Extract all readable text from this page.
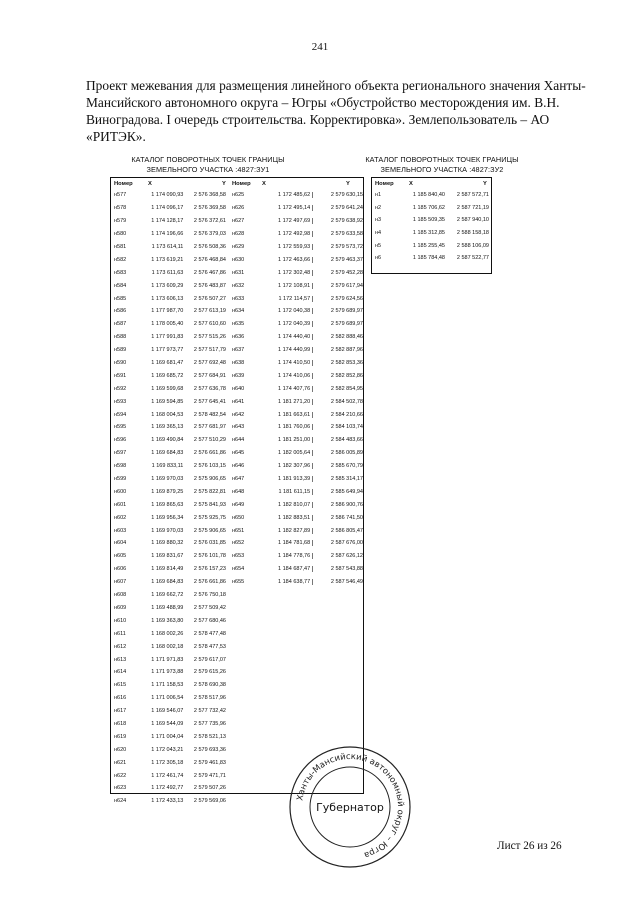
241
Проект межевания для размещения линейного объекта регионального значения Ханты-Мансийского автономного округа – Югры «Обустройство месторождения им. В.Н. Виноградова. I очередь строительства. Корректировка». Землепользователь – АО «РИТЭК».
КАТАЛОГ ПОВОРОТНЫХ ТОЧЕК ГРАНИЦЫ
ЗЕМЕЛЬНОГО УЧАСТКА :4827:ЗУ1
КАТАЛОГ ПОВОРОТНЫХ ТОЧЕК ГРАНИЦЫ
ЗЕМЕЛЬНОГО УЧАСТКА :4827:ЗУ2
Номер	X	Y
н577	1 174 090,93	2 576 368,58
н578	1 174 096,17	2 576 369,58
н579	1 174 128,17	2 576 372,61
н580	1 174 196,66	2 576 379,03
н581	1 173 614,11	2 576 508,36
н582	1 173 619,21	2 576 468,84
н583	1 173 611,63	2 576 467,86
н584	1 173 609,29	2 576 483,87
н585	1 173 606,13	2 576 507,27
н586	1 177 987,70	2 577 613,19
н587	1 178 005,40	2 577 610,60
н588	1 177 991,83	2 577 515,26
н589	1 177 973,77	2 577 517,79
н590	1 169 681,47	2 577 692,48
н591	1 169 685,72	2 577 684,91
н592	1 169 599,68	2 577 636,78
н593	1 169 594,85	2 577 645,41
н594	1 168 004,53	2 578 482,54
н595	1 169 365,13	2 577 681,97
н596	1 169 490,84	2 577 510,29
н597	1 169 684,83	2 576 661,86
н598	1 169 833,11	2 576 103,15
н599	1 169 970,03	2 575 906,65
н600	1 169 879,25	2 575 822,81
н601	1 169 865,63	2 575 841,93
н602	1 169 956,34	2 575 925,75
н603	1 169 970,03	2 575 906,65
н604	1 169 880,32	2 576 031,85
н605	1 169 831,67	2 576 101,78
н606	1 169 814,49	2 576 157,23
н607	1 169 684,83	2 576 661,86
н608	1 169 662,72	2 576 750,18
н609	1 169 488,99	2 577 509,42
н610	1 169 363,80	2 577 680,46
н611	1 168 002,26	2 578 477,48
н612	1 168 002,18	2 578 477,53
н613	1 171 971,83	2 579 617,07
н614	1 171 973,88	2 579 615,26
н615	1 171 158,53	2 578 690,38
н616	1 171 006,54	2 578 517,96
н617	1 169 546,07	2 577 732,42
н618	1 169 544,09	2 577 735,96
н619	1 171 004,04	2 578 521,13
н620	1 172 043,21	2 579 693,36
н621	1 172 305,18	2 579 461,83
н622	1 172 461,74	2 579 471,71
н623	1 172 492,77	2 579 507,26
н624	1 172 433,13	2 579 569,06
Номер	X	Y
н625	1 172 485,62	2 579 630,15
н626	1 172 495,14	2 579 641,24
н627	1 172 497,69	2 579 638,92
н628	1 172 492,98	2 579 633,58
н629	1 172 559,93	2 579 573,72
н630	1 172 463,66	2 579 463,37
н631	1 172 302,48	2 579 452,28
н632	1 172 108,91	2 579 617,94
н633	1 172 114,57	2 579 624,56
н634	1 172 040,38	2 579 689,97
н635	1 172 040,39	2 579 689,97
н636	1 174 440,40	2 582 888,46
н637	1 174 440,99	2 582 887,96
н638	1 174 410,50	2 582 853,36
н639	1 174 410,06	2 582 852,86
н640	1 174 407,76	2 582 854,95
н641	1 181 271,20	2 584 502,78
н642	1 181 663,61	2 584 210,66
н643	1 181 760,06	2 584 103,74
н644	1 181 251,00	2 584 483,66
н645	1 182 005,64	2 586 005,89
н646	1 182 307,96	2 585 670,79
н647	1 181 913,39	2 585 314,17
н648	1 181 611,15	2 585 649,94
н649	1 182 810,07	2 586 900,76
н650	1 182 883,51	2 586 741,50
н651	1 182 827,89	2 586 805,47
н652	1 184 781,68	2 587 676,00
н653	1 184 778,76	2 587 626,12
н654	1 184 687,47	2 587 543,88
н655	1 184 638,77	2 587 546,49
Номер	X	Y
н1	1 185 840,40	2 587 572,71
н2	1 185 706,62	2 587 721,19
н3	1 185 509,35	2 587 940,10
н4	1 185 312,85	2 588 158,18
н5	1 185 255,45	2 588 106,09
н6	1 185 784,48	2 587 522,77
Ханты-Мансийский автономный округ – Югра
Губернатор
Лист 26 из 26
